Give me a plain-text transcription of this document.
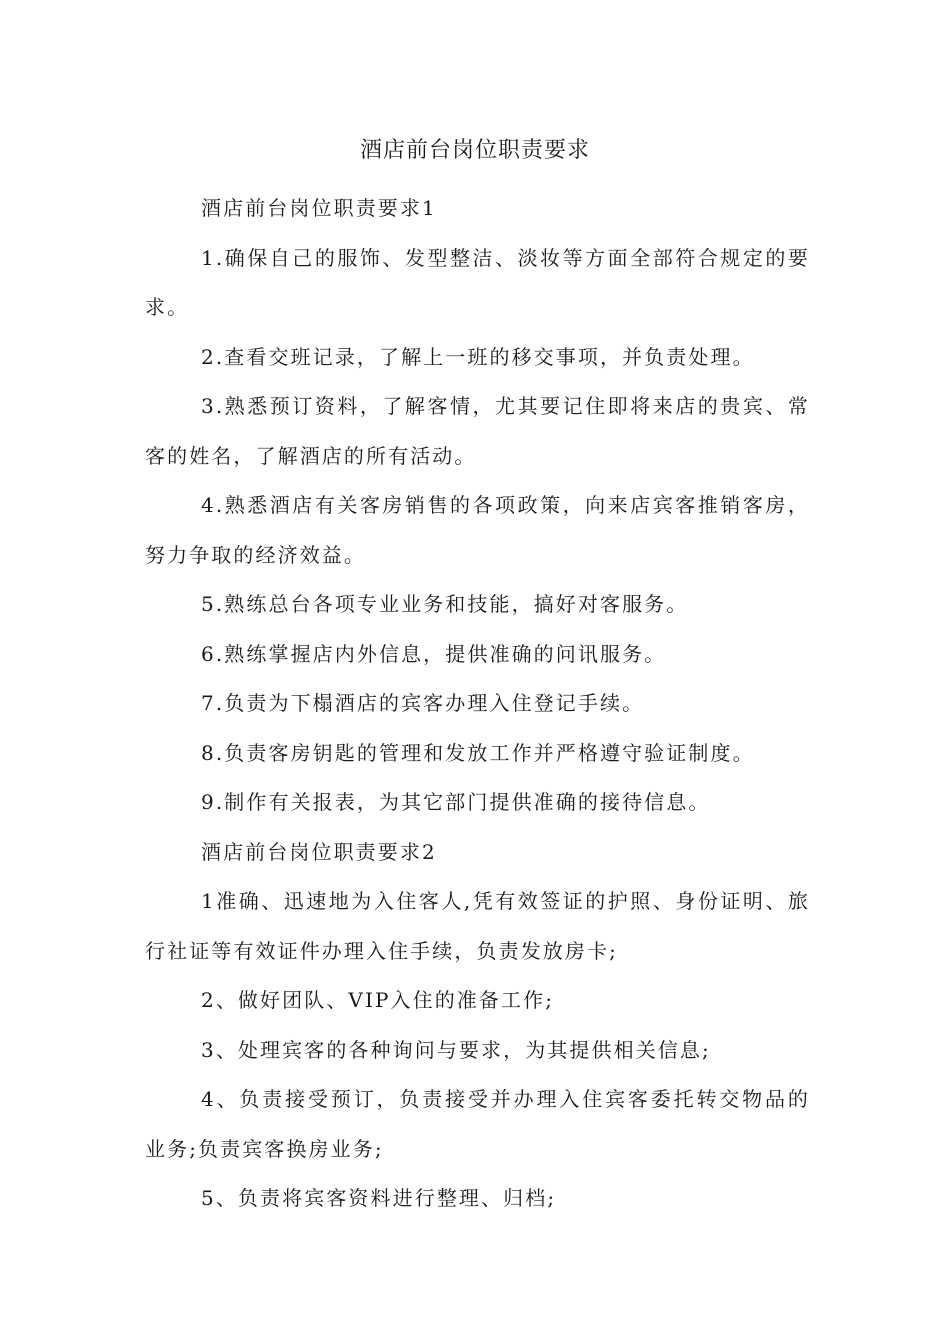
酒店前台岗位职责要求

酒店前台岗位职责要求1

1.确保自己的服饰、发型整洁、淡妆等方面全部符合规定的要求。

2.查看交班记录，了解上一班的移交事项，并负责处理。

3.熟悉预订资料，了解客情，尤其要记住即将来店的贵宾、常客的姓名，了解酒店的所有活动。

4.熟悉酒店有关客房销售的各项政策，向来店宾客推销客房，努力争取的经济效益。

5.熟练总台各项专业业务和技能，搞好对客服务。

6.熟练掌握店内外信息，提供准确的问讯服务。

7.负责为下榻酒店的宾客办理入住登记手续。

8.负责客房钥匙的管理和发放工作并严格遵守验证制度。

9.制作有关报表，为其它部门提供准确的接待信息。

酒店前台岗位职责要求2

1准确、迅速地为入住客人,凭有效签证的护照、身份证明、旅行社证等有效证件办理入住手续，负责发放房卡;

2、做好团队、VIP入住的准备工作;

3、处理宾客的各种询问与要求，为其提供相关信息;

4、负责接受预订，负责接受并办理入住宾客委托转交物品的业务;负责宾客换房业务;

5、负责将宾客资料进行整理、归档;
